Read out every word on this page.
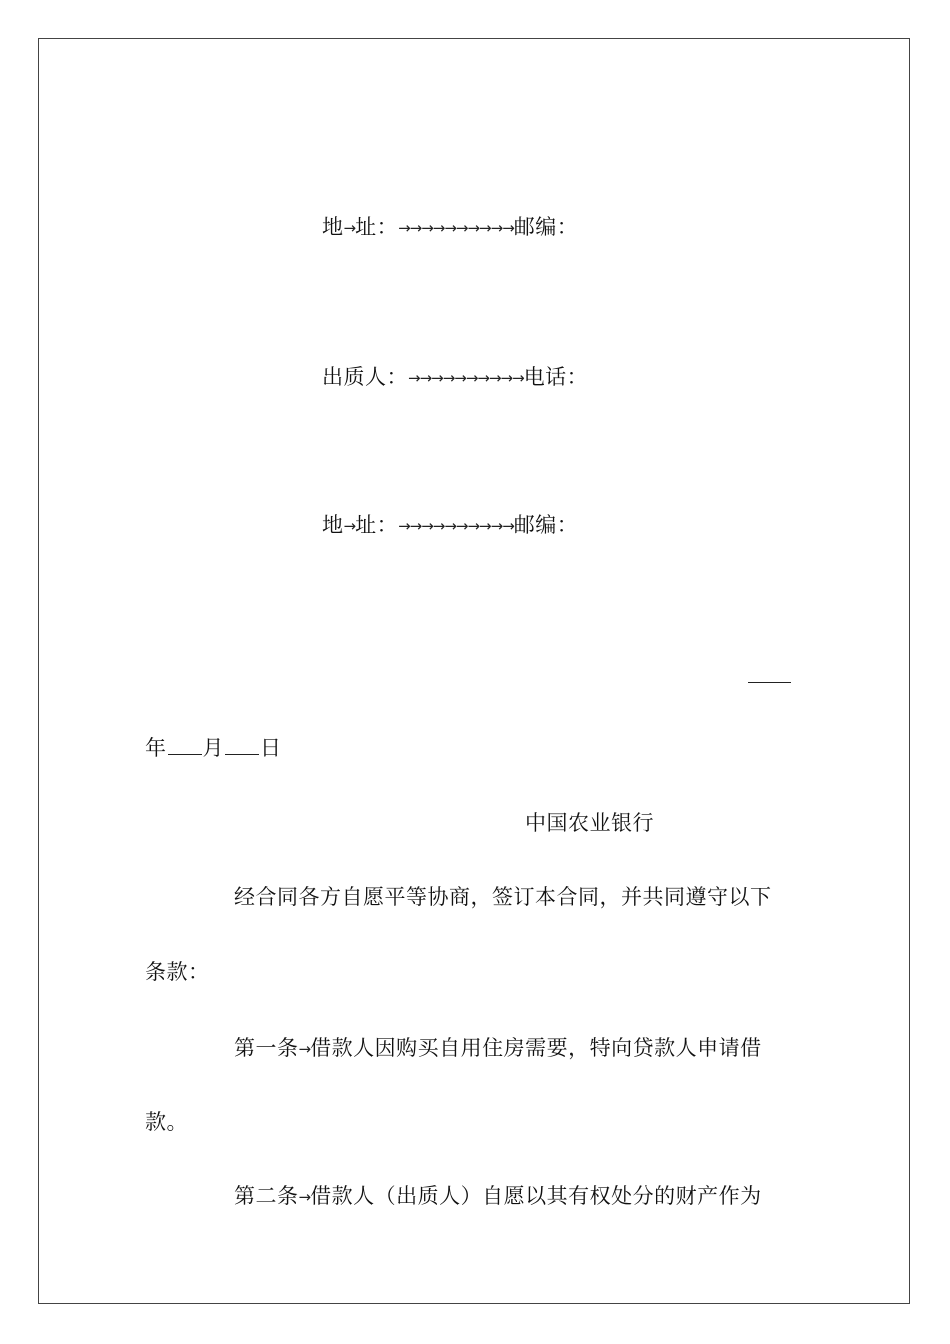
地→址：→→→→→→→→→→邮编：
出质人：→→→→→→→→→→电话：
地→址：→→→→→→→→→→邮编：
年 月 日
中国农业银行
经合同各方自愿平等协商，签订本合同，并共同遵守以下
条款：
第一条→借款人因购买自用住房需要，特向贷款人申请借
款。
第二条→借款人（出质人）自愿以其有权处分的财产作为
